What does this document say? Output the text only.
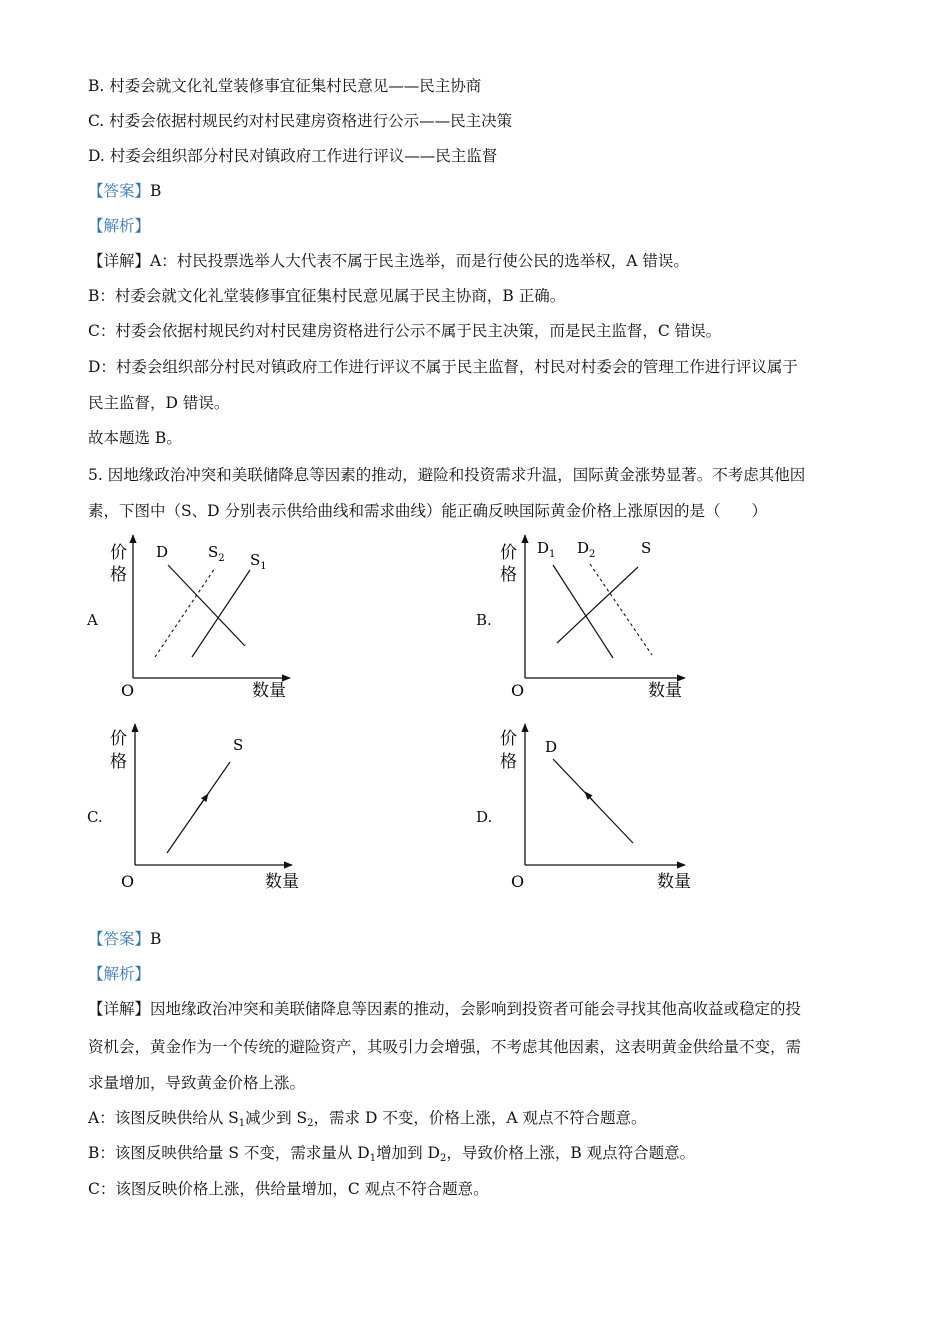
B. 村委会就文化礼堂装修事宜征集村民意见——民主协商
C. 村委会依据村规民约对村民建房资格进行公示——民主决策
D. 村委会组织部分村民对镇政府工作进行评议——民主监督
【答案】B
【解析】
【详解】A：村民投票选举人大代表不属于民主选举，而是行使公民的选举权，A 错误。
B：村委会就文化礼堂装修事宜征集村民意见属于民主协商，B 正确。
C：村委会依据村规民约对村民建房资格进行公示不属于民主决策，而是民主监督，C 错误。
D：村委会组织部分村民对镇政府工作进行评议不属于民主监督，村民对村委会的管理工作进行评议属于
民主监督，D 错误。
故本题选 B。
5. 因地缘政治冲突和美联储降息等因素的推动，避险和投资需求升温，国际黄金涨势显著。不考虑其他因
素，下图中（S、D 分别表示供给曲线和需求曲线）能正确反映国际黄金价格上涨原因的是（　　）
A	B.
C.	D.
价
格
O	数量
D	$S_2$ $S_1$
价
格
O	数量
$D_1$ $D_2$	S
价
格
O	数量
S	价
格
O	数量
D
【答案】B
【解析】
【详解】因地缘政治冲突和美联储降息等因素的推动，会影响到投资者可能会寻找其他高收益或稳定的投
资机会，黄金作为一个传统的避险资产，其吸引力会增强，不考虑其他因素，这表明黄金供给量不变，需
求量增加，导致黄金价格上涨。
A：该图反映供给从 $S_1$减少到 $S_2$，需求 D 不变，价格上涨，A 观点不符合题意。
B：该图反映供给量 S 不变，需求量从 $D_1$增加到 $D_2$，导致价格上涨，B 观点符合题意。
C：该图反映价格上涨，供给量增加，C 观点不符合题意。
